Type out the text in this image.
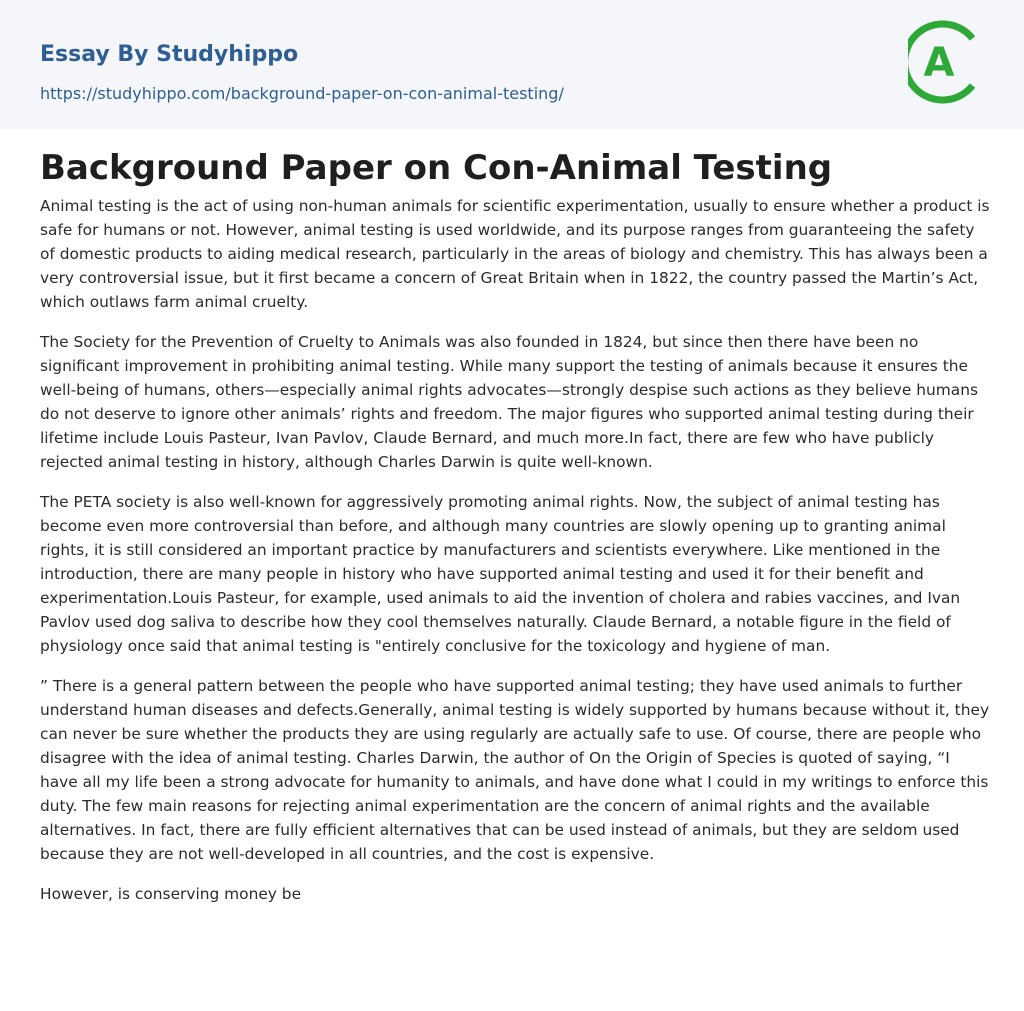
Essay By Studyhippo
https://studyhippo.com/background-paper-on-con-animal-testing/
A
Background Paper on Con-Animal Testing

Animal testing is the act of using non-human animals for scientific experimentation, usually to ensure whether a product is safe for humans or not. However, animal testing is used worldwide, and its purpose ranges from guaranteeing the safety of domestic products to aiding medical research, particularly in the areas of biology and chemistry. This has always been a very controversial issue, but it first became a concern of Great Britain when in 1822, the country passed the Martin’s Act, which outlaws farm animal cruelty.

The Society for the Prevention of Cruelty to Animals was also founded in 1824, but since then there have been no significant improvement in prohibiting animal testing. While many support the testing of animals because it ensures the well-being of humans, others—especially animal rights advocates—strongly despise such actions as they believe humans do not deserve to ignore other animals’ rights and freedom. The major figures who supported animal testing during their lifetime include Louis Pasteur, Ivan Pavlov, Claude Bernard, and much more.In fact, there are few who have publicly rejected animal testing in history, although Charles Darwin is quite well-known.

The PETA society is also well-known for aggressively promoting animal rights. Now, the subject of animal testing has become even more controversial than before, and although many countries are slowly opening up to granting animal rights, it is still considered an important practice by manufacturers and scientists everywhere. Like mentioned in the introduction, there are many people in history who have supported animal testing and used it for their benefit and experimentation.Louis Pasteur, for example, used animals to aid the invention of cholera and rabies vaccines, and Ivan Pavlov used dog saliva to describe how they cool themselves naturally. Claude Bernard, a notable figure in the field of physiology once said that animal testing is "entirely conclusive for the toxicology and hygiene of man.

” There is a general pattern between the people who have supported animal testing; they have used animals to further understand human diseases and defects.Generally, animal testing is widely supported by humans because without it, they can never be sure whether the products they are using regularly are actually safe to use. Of course, there are people who disagree with the idea of animal testing. Charles Darwin, the author of On the Origin of Species is quoted of saying, “I have all my life been a strong advocate for humanity to animals, and have done what I could in my writings to enforce this duty. The few main reasons for rejecting animal experimentation are the concern of animal rights and the available alternatives. In fact, there are fully efficient alternatives that can be used instead of animals, but they are seldom used because they are not well-developed in all countries, and the cost is expensive.

However, is conserving money be
